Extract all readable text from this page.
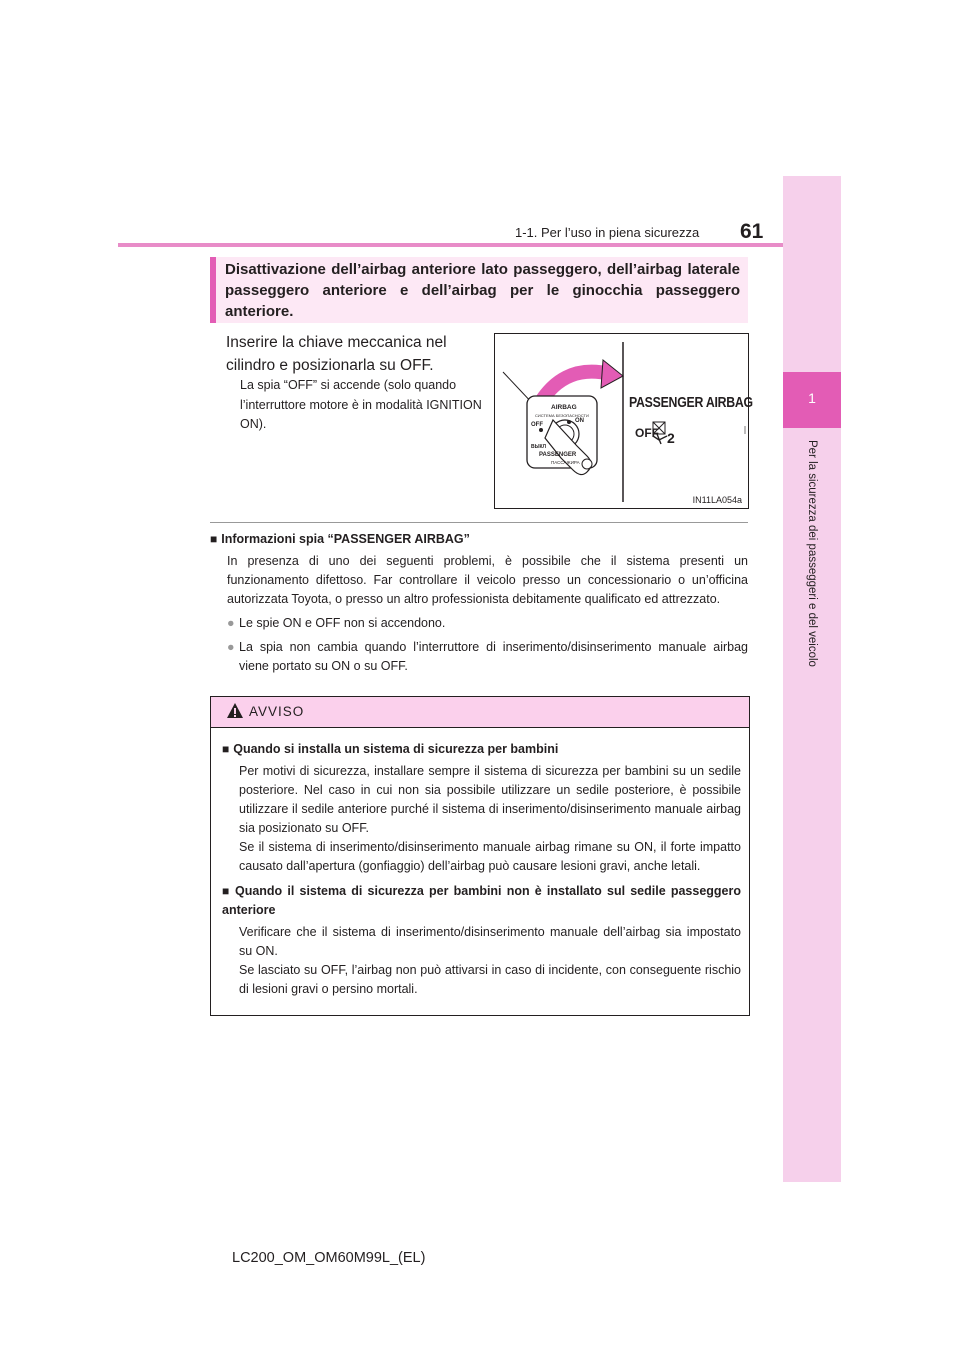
1-1. Per l’uso in piena sicurezza 61
1
Per la sicurezza dei passeggeri e del veicolo
Disattivazione dell’airbag anteriore lato passeggero, dell’airbag laterale passeggero anteriore e dell’airbag per le ginocchia passeggero anteriore.
Inserire la chiave meccanica nel cilindro e posizionarla su OFF.
La spia “OFF” si accende (solo quando l’interruttore motore è in modalità IGNITION ON).
AIRBAG
СИСТЕМА БЕЗОПАСНОСТИ
OFF
ON
ВЫКЛ
PASSENGER
ПАССАЖИРА
PASSENGER AIRBAG
OFF 2
IN11LA054a
■ Informazioni spia “PASSENGER AIRBAG”
In presenza di uno dei seguenti problemi, è possibile che il sistema presenti un funzionamento difettoso. Far controllare il veicolo presso un concessionario o un’officina autorizzata Toyota, o presso un altro professionista debitamente qualificato ed attrezzato.
● Le spie ON e OFF non si accendono.
● La spia non cambia quando l’interruttore di inserimento/disinserimento manuale airbag viene portato su ON o su OFF.
AVVISO
■ Quando si installa un sistema di sicurezza per bambini
Per motivi di sicurezza, installare sempre il sistema di sicurezza per bambini su un sedile posteriore. Nel caso in cui non sia possibile utilizzare un sedile posteriore, è possibile utilizzare il sedile anteriore purché il sistema di inserimento/disinserimento manuale airbag sia posizionato su OFF.
Se il sistema di inserimento/disinserimento manuale airbag rimane su ON, il forte impatto causato dall’apertura (gonfiaggio) dell’airbag può causare lesioni gravi, anche letali.
■ Quando il sistema di sicurezza per bambini non è installato sul sedile passeggero anteriore
Verificare che il sistema di inserimento/disinserimento manuale dell’airbag sia impostato su ON.
Se lasciato su OFF, l’airbag non può attivarsi in caso di incidente, con conseguente rischio di lesioni gravi o persino mortali.
LC200_OM_OM60M99L_(EL)
